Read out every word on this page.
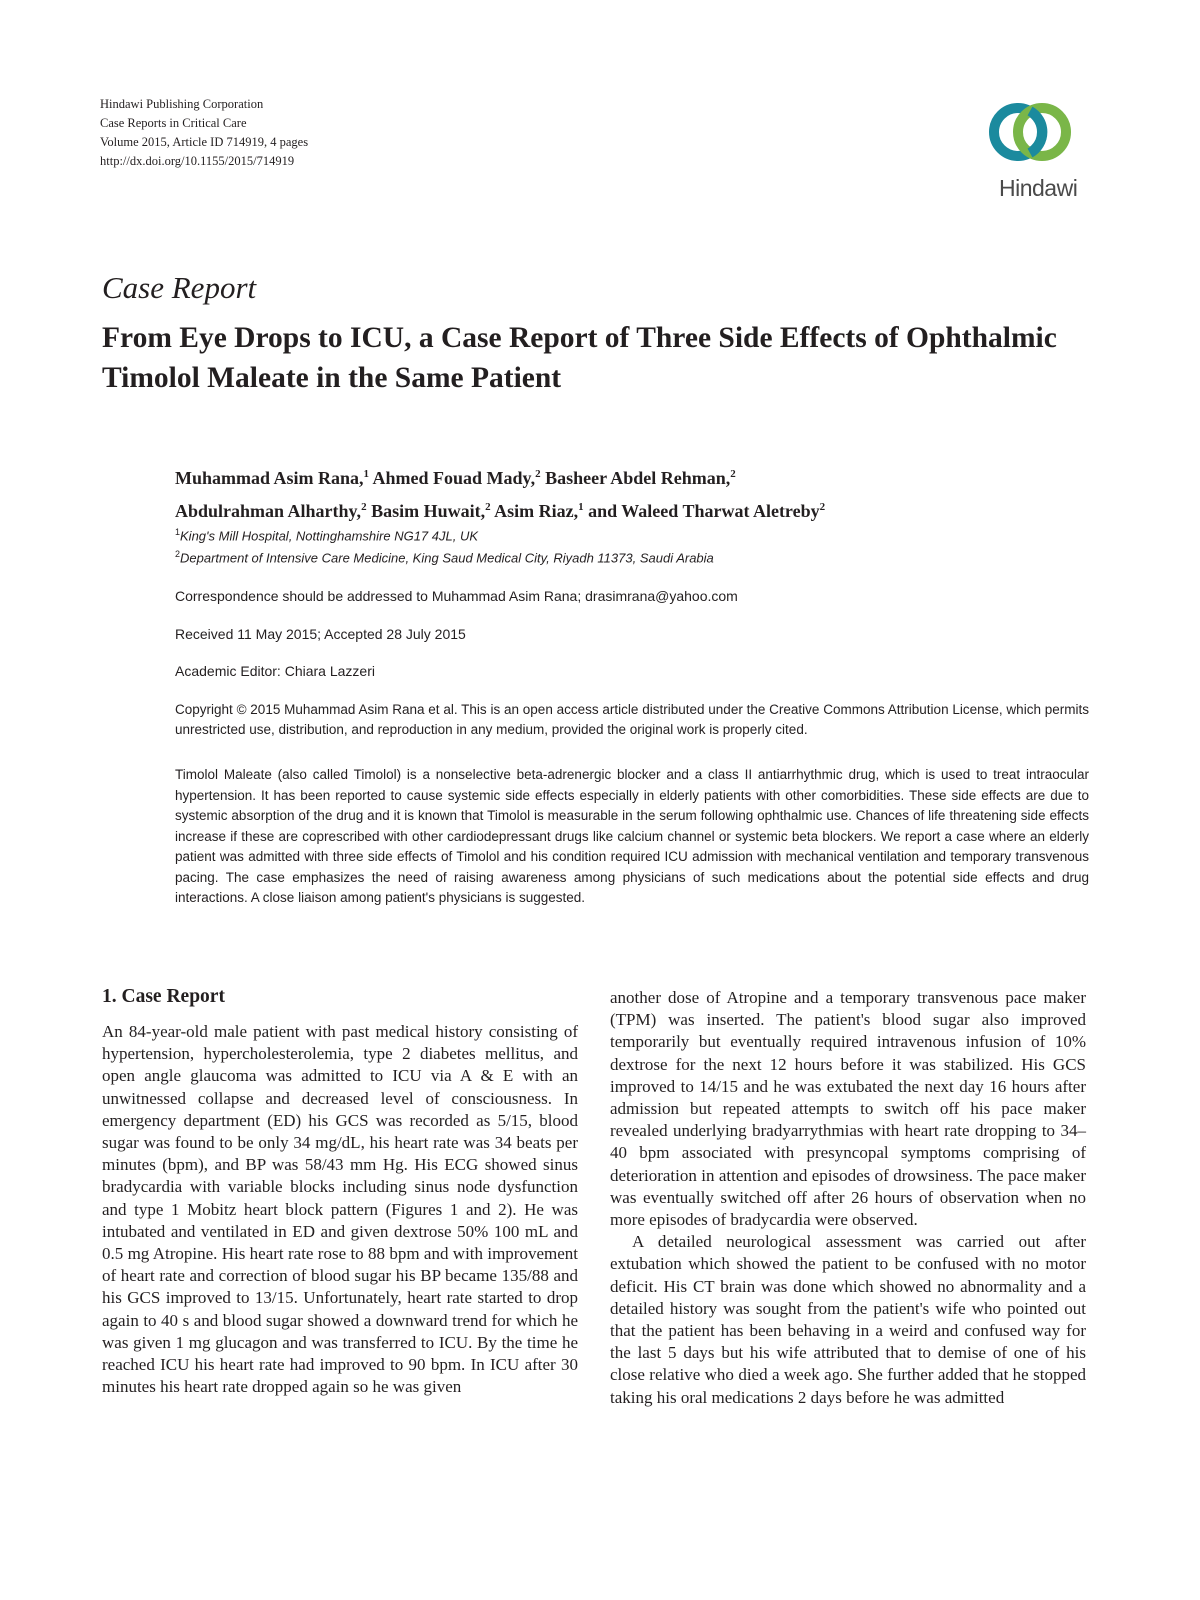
Hindawi Publishing Corporation
Case Reports in Critical Care
Volume 2015, Article ID 714919, 4 pages
http://dx.doi.org/10.1155/2015/714919
Hindawi
Case Report
From Eye Drops to ICU, a Case Report of Three Side Effects of Ophthalmic Timolol Maleate in the Same Patient
Muhammad Asim Rana,$^1$ Ahmed Fouad Mady,$^2$ Basheer Abdel Rehman,$^2$
Abdulrahman Alharthy,$^2$ Basim Huwait,$^2$ Asim Riaz,$^1$ and Waleed Tharwat Aletreby$^2$
$^1$King's Mill Hospital, Nottinghamshire NG17 4JL, UK
$^2$Department of Intensive Care Medicine, King Saud Medical City, Riyadh 11373, Saudi Arabia
Correspondence should be addressed to Muhammad Asim Rana; drasimrana@yahoo.com
Received 11 May 2015; Accepted 28 July 2015
Academic Editor: Chiara Lazzeri
Copyright © 2015 Muhammad Asim Rana et al. This is an open access article distributed under the Creative Commons Attribution License, which permits unrestricted use, distribution, and reproduction in any medium, provided the original work is properly cited.
Timolol Maleate (also called Timolol) is a nonselective beta-adrenergic blocker and a class II antiarrhythmic drug, which is used to treat intraocular hypertension. It has been reported to cause systemic side effects especially in elderly patients with other comorbidities. These side effects are due to systemic absorption of the drug and it is known that Timolol is measurable in the serum following ophthalmic use. Chances of life threatening side effects increase if these are coprescribed with other cardiodepressant drugs like calcium channel or systemic beta blockers. We report a case where an elderly patient was admitted with three side effects of Timolol and his condition required ICU admission with mechanical ventilation and temporary transvenous pacing. The case emphasizes the need of raising awareness among physicians of such medications about the potential side effects and drug interactions. A close liaison among patient's physicians is suggested.
1. Case Report

An 84-year-old male patient with past medical history consisting of hypertension, hypercholesterolemia, type 2 diabetes mellitus, and open angle glaucoma was admitted to ICU via A & E with an unwitnessed collapse and decreased level of consciousness. In emergency department (ED) his GCS was recorded as 5/15, blood sugar was found to be only 34 mg/dL, his heart rate was 34 beats per minutes (bpm), and BP was 58/43 mm Hg. His ECG showed sinus bradycardia with variable blocks including sinus node dysfunction and type 1 Mobitz heart block pattern (Figures 1 and 2). He was intubated and ventilated in ED and given dextrose 50% 100 mL and 0.5 mg Atropine. His heart rate rose to 88 bpm and with improvement of heart rate and correction of blood sugar his BP became 135/88 and his GCS improved to 13/15. Unfortunately, heart rate started to drop again to 40 s and blood sugar showed a downward trend for which he was given 1 mg glucagon and was transferred to ICU. By the time he reached ICU his heart rate had improved to 90 bpm. In ICU after 30 minutes his heart rate dropped again so he was given

another dose of Atropine and a temporary transvenous pace maker (TPM) was inserted. The patient's blood sugar also improved temporarily but eventually required intravenous infusion of 10% dextrose for the next 12 hours before it was stabilized. His GCS improved to 14/15 and he was extubated the next day 16 hours after admission but repeated attempts to switch off his pace maker revealed underlying bradyarrythmias with heart rate dropping to 34–40 bpm associated with presyncopal symptoms comprising of deterioration in attention and episodes of drowsiness. The pace maker was eventually switched off after 26 hours of observation when no more episodes of bradycardia were observed.

A detailed neurological assessment was carried out after extubation which showed the patient to be confused with no motor deficit. His CT brain was done which showed no abnormality and a detailed history was sought from the patient's wife who pointed out that the patient has been behaving in a weird and confused way for the last 5 days but his wife attributed that to demise of one of his close relative who died a week ago. She further added that he stopped taking his oral medications 2 days before he was admitted
